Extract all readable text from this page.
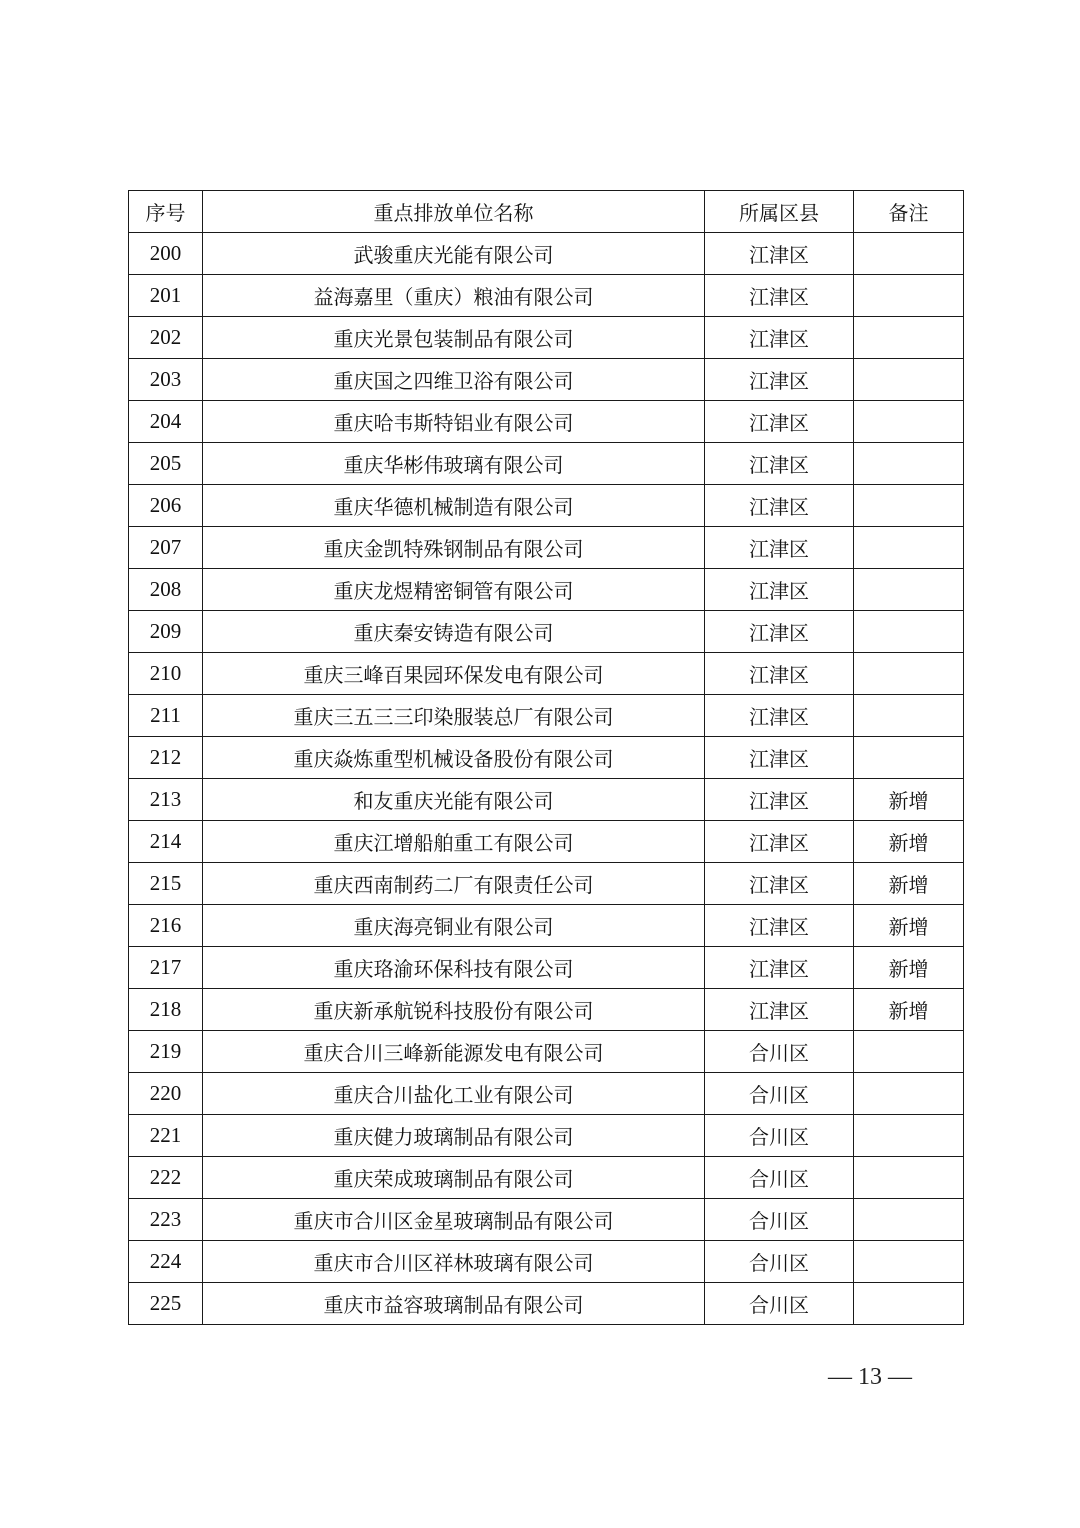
序号	重点排放单位名称	所属区县	备注
200	武骏重庆光能有限公司	江津区	
201	益海嘉里（重庆）粮油有限公司	江津区	
202	重庆光景包装制品有限公司	江津区	
203	重庆国之四维卫浴有限公司	江津区	
204	重庆哈韦斯特铝业有限公司	江津区	
205	重庆华彬伟玻璃有限公司	江津区	
206	重庆华德机械制造有限公司	江津区	
207	重庆金凯特殊钢制品有限公司	江津区	
208	重庆龙煜精密铜管有限公司	江津区	
209	重庆秦安铸造有限公司	江津区	
210	重庆三峰百果园环保发电有限公司	江津区	
211	重庆三五三三印染服装总厂有限公司	江津区	
212	重庆焱炼重型机械设备股份有限公司	江津区	
213	和友重庆光能有限公司	江津区	新增
214	重庆江增船舶重工有限公司	江津区	新增
215	重庆西南制药二厂有限责任公司	江津区	新增
216	重庆海亮铜业有限公司	江津区	新增
217	重庆珞渝环保科技有限公司	江津区	新增
218	重庆新承航锐科技股份有限公司	江津区	新增
219	重庆合川三峰新能源发电有限公司	合川区	
220	重庆合川盐化工业有限公司	合川区	
221	重庆健力玻璃制品有限公司	合川区	
222	重庆荣成玻璃制品有限公司	合川区	
223	重庆市合川区金星玻璃制品有限公司	合川区	
224	重庆市合川区祥林玻璃有限公司	合川区	
225	重庆市益容玻璃制品有限公司	合川区	
— 13 —
